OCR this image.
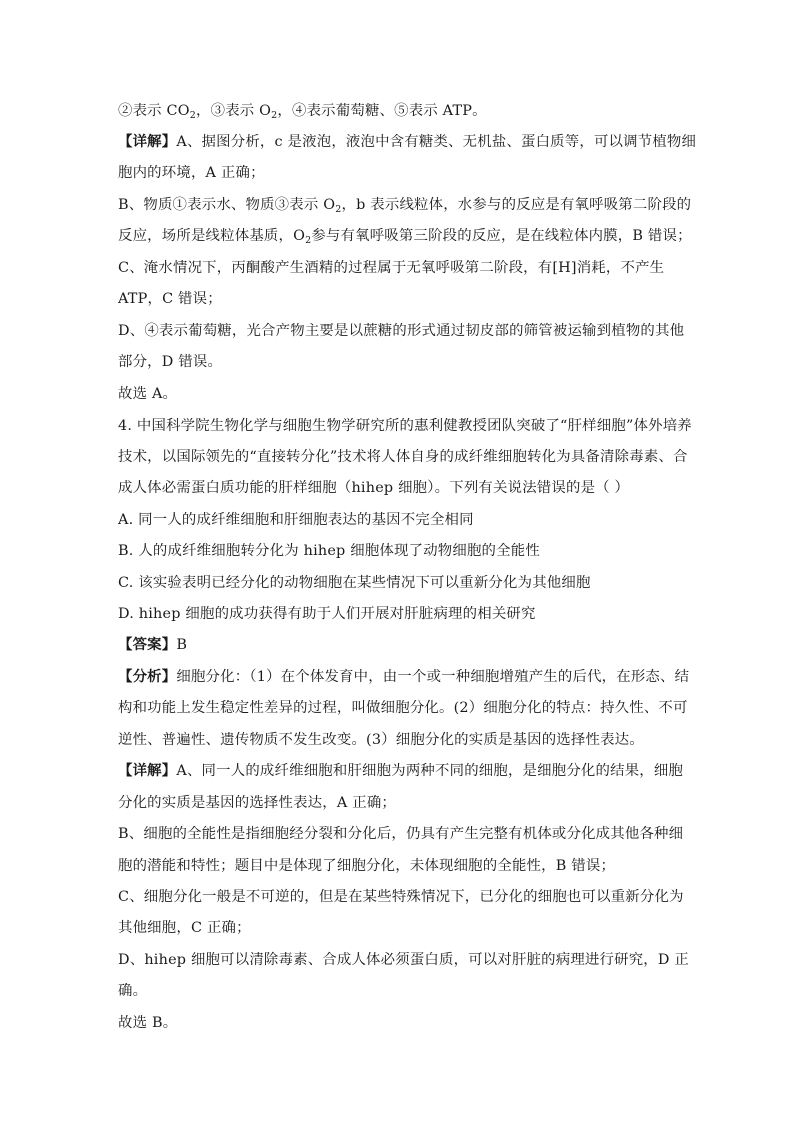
②表示 $CO_2$，③表示 $O_2$，④表示葡萄糖、⑤表示 ATP。
【详解】A、据图分析，c 是液泡，液泡中含有糖类、无机盐、蛋白质等，可以调节植物细
胞内的环境，A 正确；
B、物质①表示水、物质③表示 $O_2$，b 表示线粒体，水参与的反应是有氧呼吸第二阶段的
反应，场所是线粒体基质，$O_2$参与有氧呼吸第三阶段的反应，是在线粒体内膜，B 错误；
C、淹水情况下，丙酮酸产生酒精的过程属于无氧呼吸第二阶段，有[H]消耗，不产生
ATP，C 错误；
D、④表示葡萄糖，光合产物主要是以蔗糖的形式通过韧皮部的筛管被运输到植物的其他
部分，D 错误。
故选 A。
4. 中国科学院生物化学与细胞生物学研究所的惠利健教授团队突破了“肝样细胞”体外培养
技术，以国际领先的“直接转分化”技术将人体自身的成纤维细胞转化为具备清除毒素、合
成人体必需蛋白质功能的肝样细胞（hihep 细胞）。下列有关说法错误的是（ ）
A. 同一人的成纤维细胞和肝细胞表达的基因不完全相同
B. 人的成纤维细胞转分化为 hihep 细胞体现了动物细胞的全能性
C. 该实验表明已经分化的动物细胞在某些情况下可以重新分化为其他细胞
D. hihep 细胞的成功获得有助于人们开展对肝脏病理的相关研究
【答案】B
【分析】细胞分化：（1）在个体发育中，由一个或一种细胞增殖产生的后代，在形态、结
构和功能上发生稳定性差异的过程，叫做细胞分化。(2）细胞分化的特点：持久性、不可
逆性、普遍性、遗传物质不发生改变。(3）细胞分化的实质是基因的选择性表达。
【详解】A、同一人的成纤维细胞和肝细胞为两种不同的细胞，是细胞分化的结果，细胞
分化的实质是基因的选择性表达，A 正确；
B、细胞的全能性是指细胞经分裂和分化后，仍具有产生完整有机体或分化成其他各种细
胞的潜能和特性；题目中是体现了细胞分化，未体现细胞的全能性，B 错误；
C、细胞分化一般是不可逆的，但是在某些特殊情况下，已分化的细胞也可以重新分化为
其他细胞，C 正确；
D、hihep 细胞可以清除毒素、合成人体必须蛋白质，可以对肝脏的病理进行研究，D 正
确。
故选 B。
